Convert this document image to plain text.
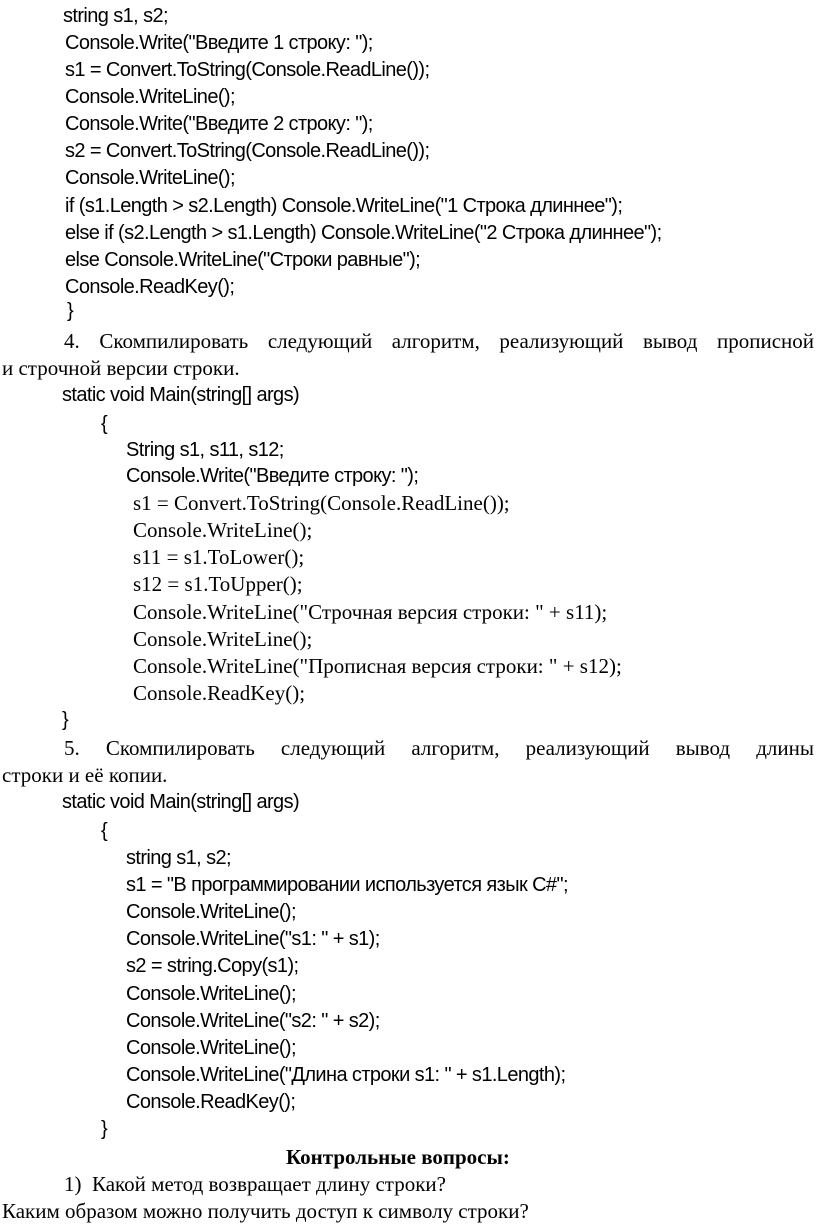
string s1, s2;
Console.Write("Введите 1 строку: ");
s1 = Convert.ToString(Console.ReadLine());
Console.WriteLine();
Console.Write("Введите 2 строку: ");
s2 = Convert.ToString(Console.ReadLine());
Console.WriteLine();
if (s1.Length > s2.Length) Console.WriteLine("1 Строка длиннее");
else if (s2.Length > s1.Length) Console.WriteLine("2 Строка длиннее");
else Console.WriteLine("Строки равные");
Console.ReadKey();
}
4. Скомпилировать следующий алгоритм, реализующий вывод прописной
и строчной версии строки.
static void Main(string[] args)
{
String s1, s11, s12;
Console.Write("Введите строку: ");
s1 = Convert.ToString(Console.ReadLine());
Console.WriteLine();
s11 = s1.ToLower();
s12 = s1.ToUpper();
Console.WriteLine("Строчная версия строки: " + s11);
Console.WriteLine();
Console.WriteLine("Прописная версия строки: " + s12);
Console.ReadKey();
}
5. Скомпилировать следующий алгоритм, реализующий вывод длины
строки и её копии.
static void Main(string[] args)
{
string s1, s2;
s1 = "В программировании используется язык C#";
Console.WriteLine();
Console.WriteLine("s1: " + s1);
s2 = string.Copy(s1);
Console.WriteLine();
Console.WriteLine("s2: " + s2);
Console.WriteLine();
Console.WriteLine("Длина строки s1: " + s1.Length);
Console.ReadKey();
}
Контрольные вопросы:
1)  Какой метод возвращает длину строки?
Каким образом можно получить доступ к символу строки?
